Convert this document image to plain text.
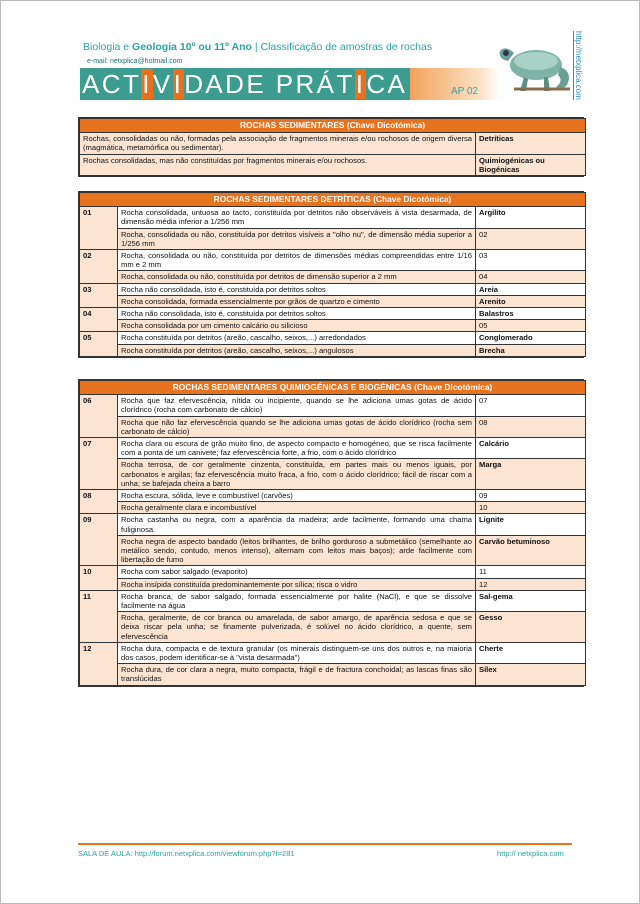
Biologia e Geologia 10º ou 11º Ano | Classificação de amostras de rochas
e-mail: netxplica@hotmail.com
ACTIVIDADE PRÁTICA	AP 02	http://netxplica.com
ROCHAS SEDIMENTARES (Chave Dicotómica)	
Rochas, consolidadas ou não, formadas pela associação de fragmentos minerais e/ou rochosos de origem diversa (magmática, metamórfica ou sedimentar).	Detríticas
Rochas consolidadas, mas não constituídas por fragmentos minerais e/ou rochosos.	Quimiogénicas ou Biogénicas
ROCHAS SEDIMENTARES DETRÍTICAS (Chave Dicotómica)		
01	Rocha consolidada, untuosa ao tacto, constituída por detritos não observáveis à vista desarmada, de dimensão média inferior a 1/256 mm	Argilito
	Rocha, consolidada ou não, constituída por detritos visíveis a "olho nu", de dimensão média superior a 1/256 mm	02
02	Rocha, consolidada ou não, constituída por detritos de dimensões médias compreendidas entre 1/16 mm e 2 mm	03
	Rocha, consolidada ou não, constituída por detritos de dimensão superior a 2 mm	04
03	Rocha não consolidada, isto é, constituída por detritos soltos	Areia
	Rocha consolidada, formada essencialmente por grãos de quartzo e cimento	Arenito
04	Rocha não consolidada, isto é, constituída por detritos soltos	Balastros
	Rocha consolidada por um cimento calcário ou silicioso	05
05	Rocha constituída por detritos (areão, cascalho, seixos,...) arredondados	Conglomerado
	Rocha constituída por detritos (areão, cascalho, seixos,...) angulosos	Brecha
ROCHAS SEDIMENTARES QUIMIOGÉNICAS E BIOGÉNICAS (Chave Dicotómica)		
06	Rocha que faz efervescência, nítida ou incipiente, quando se lhe adiciona umas gotas de ácido clorídrico (rocha com carbonato de cálcio)	07
	Rocha que não faz efervescência quando se lhe adiciona umas gotas de ácido clorídrico (rocha sem carbonato de cálcio)	08
07	Rocha clara ou escura de grão muito fino, de aspecto compacto e homogéneo, que se risca facilmente com a ponta de um canivete; faz efervescência forte, a frio, com o ácido clorídrico	Calcário
	Rocha terrosa, de cor geralmente cinzenta, constituída, em partes mais ou menos iguais, por carbonatos e argilas; faz efervescência muito fraca, a frio, com o ácido clorídrico; fácil de riscar com a unha; se bafejada cheira a barro	Marga
08	Rocha escura, sólida, leve e combustível (carvões)	09
	Rocha geralmente clara e incombustível	10
09	Rocha castanha ou negra, com a aparência da madeira; arde facilmente, formando uma chama fuliginosa.	Lignite
	Rocha negra de aspecto bandado (leitos brilhantes, de brilho gorduroso a submetálico (semelhante ao metálico sendo, contudo, menos intenso), alternam com leitos mais baços); arde facilmente com libertação de fumo	Carvão betuminoso
10	Rocha com sabor salgado (evaporito)	11
	Rocha insípida constituída predominantemente por sílica; risca o vidro	12
11	Rocha branca, de sabor salgado, formada essencialmente por halite (NaCl), e que se dissolve facilmente na água	Sal-gema
	Rocha, geralmente, de cor branca ou amarelada, de sabor amargo, de aparência sedosa e que se deixa riscar pela unha; se finamente pulverizada, é solúvel no ácido clorídrico, a quente, sem efervescência	Gesso
12	Rocha dura, compacta e de textura granular (os minerais distinguem-se uns dos outros e, na maioria dos casos, podem identificar-se à "vista desarmada")	Cherte
	Rocha dura, de cor clara a negra, muito compacta, frágil e de fractura conchoidal; as lascas finas são translúcidas	Sílex
SALA DE AULA: http://forum.netxplica.com/viewforum.php?f=281	http:// netxplica.com
